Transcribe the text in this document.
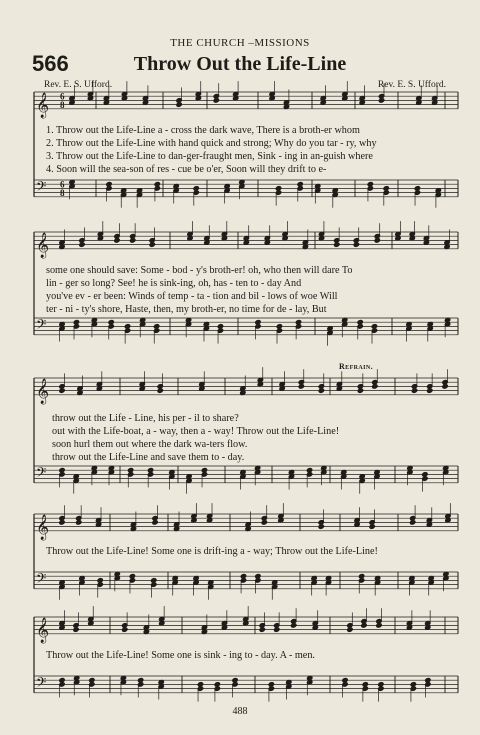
THE CHURCH –MISSIONS
566	Throw Out the Life-Line
Rev. E. S. Ufford.	Rev. E. S. Ufford.
1. Throw out the Life-Line a - cross the dark wave, There is a broth-er whom
2. Throw out the Life-Line with hand quick and strong; Why do you tar - ry, why
3. Throw out the Life-Line to dan-ger-fraught men, Sink - ing in an-guish where
4. Soon will the sea-son of res - cue be o'er, Soon will they drift to e-
some one should save: Some - bod - y's broth-er! oh, who then will dare To
lin - ger so long? See! he is sink-ing, oh, has - ten to - day And
you've ev - er been: Winds of temp - ta - tion and bil - lows of woe Will
ter - ni - ty's shore, Haste, then, my broth-er, no time for de - lay, But
Refrain.
throw out the Life - Line, his per - il to share?
out with the Life-boat, a - way, then a - way! Throw out the Life-Line!
soon hurl them out where the dark wa-ters flow.
throw out the Life-Line and save them to - day.
Throw out the Life-Line! Some one is drift-ing a - way; Throw out the Life-Line!
Throw out the Life-Line! Some one is sink - ing to - day. A - men.
488
𝄞
𝄢
6
8
6
8
𝄞
𝄢
𝄞
𝄢
𝄞
𝄢
𝄞
𝄢
